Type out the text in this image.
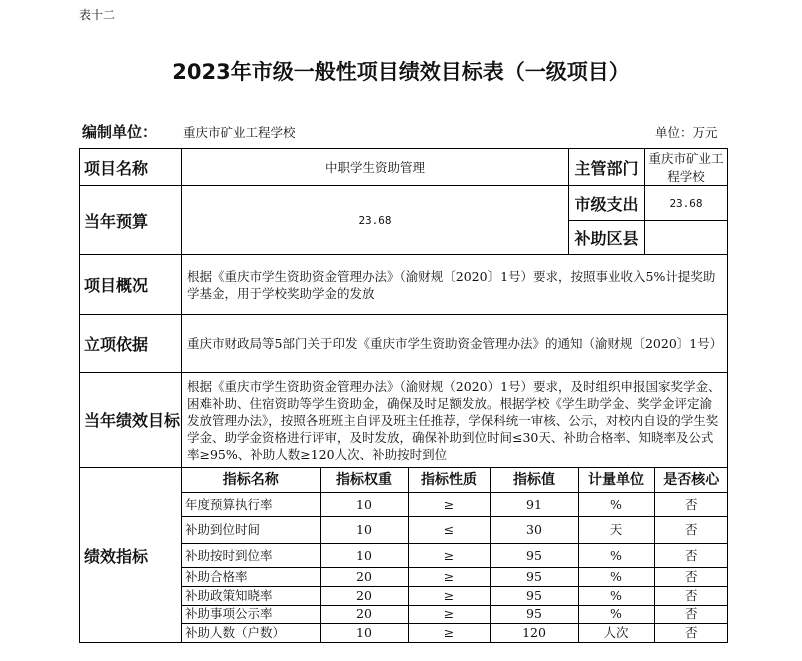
表十二
2023年市级一般性项目绩效目标表（一级项目）
编制单位： 重庆市矿业工程学校	单位：万元
项目名称	中职学生资助管理	主管部门	重庆市矿业工程学校
当年预算	23.68	市级支出	23.68
补助区县	
项目概况	根据《重庆市学生资助资金管理办法》（渝财规〔2020〕1号）要求，按照事业收入5%计提奖助学基金，用于学校奖助学金的发放
立项依据	重庆市财政局等5部门关于印发《重庆市学生资助资金管理办法》的通知（渝财规〔2020〕1号）
当年绩效目标	根据《重庆市学生资助资金管理办法》（渝财规（2020）1号）要求，及时组织申报国家奖学金、困难补助、住宿资助等学生资助金，确保及时足额发放。根据学校《学生助学金、奖学金评定渝发放管理办法》，按照各班班主自评及班主任推荐，学保科统一审核、公示，对校内自设的学生奖学金、助学金资格进行评审，及时发放，确保补助到位时间≤30天、补助合格率、知晓率及公式率≥95%、补助人数≥120人次、补助按时到位
绩效指标	
指标名称	指标权重	指标性质	指标值	计量单位	是否核心
年度预算执行率	10	≥	91	%	否
补助到位时间	10	≤	30	天	否
补助按时到位率	10	≥	95	%	否
补助合格率	20	≥	95	%	否
补助政策知晓率	20	≥	95	%	否
补助事项公示率	20	≥	95	%	否
补助人数（户数）	10	≥	120	人次	否
